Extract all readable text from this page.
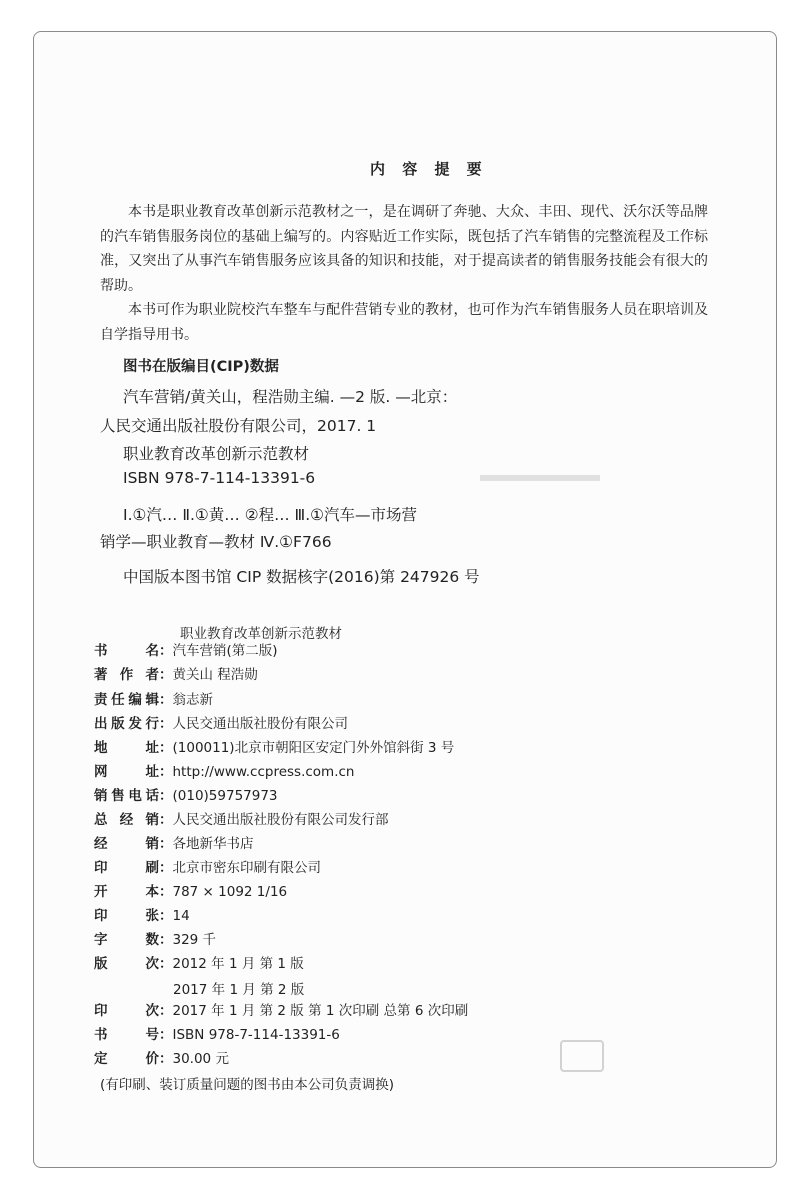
内 容 提 要

本书是职业教育改革创新示范教材之一，是在调研了奔驰、大众、丰田、现代、沃尔沃等品牌的汽车销售服务岗位的基础上编写的。内容贴近工作实际，既包括了汽车销售的完整流程及工作标准，又突出了从事汽车销售服务应该具备的知识和技能，对于提高读者的销售服务技能会有很大的帮助。

本书可作为职业院校汽车整车与配件营销专业的教材，也可作为汽车销售服务人员在职培训及自学指导用书。

图书在版编目(CIP)数据
汽车营销/黄关山，程浩勋主编. —2 版. —北京：
人民交通出版社股份有限公司，2017. 1
职业教育改革创新示范教材
ISBN 978-7-114-13391-6
Ⅰ.①汽… Ⅱ.①黄… ②程… Ⅲ.①汽车—市场营
销学—职业教育—教材 Ⅳ.①F766
中国版本图书馆 CIP 数据核字(2016)第 247926 号
职业教育改革创新示范教材
书 名：汽车营销(第二版)
著 作 者：黄关山 程浩勋
责任编辑：翁志新
出版发行：人民交通出版社股份有限公司
地 址：(100011)北京市朝阳区安定门外外馆斜街 3 号
网 址：http://www.ccpress.com.cn
销售电话：(010)59757973
总 经 销：人民交通出版社股份有限公司发行部
经 销：各地新华书店
印 刷：北京市密东印刷有限公司
开 本：787 × 1092 1/16
印 张：14
字 数：329 千
版 次：2012 年 1 月 第 1 版
2017 年 1 月 第 2 版
印 次：2017 年 1 月 第 2 版 第 1 次印刷 总第 6 次印刷
书 号：ISBN 978-7-114-13391-6
定 价：30.00 元
(有印刷、装订质量问题的图书由本公司负责调换)
